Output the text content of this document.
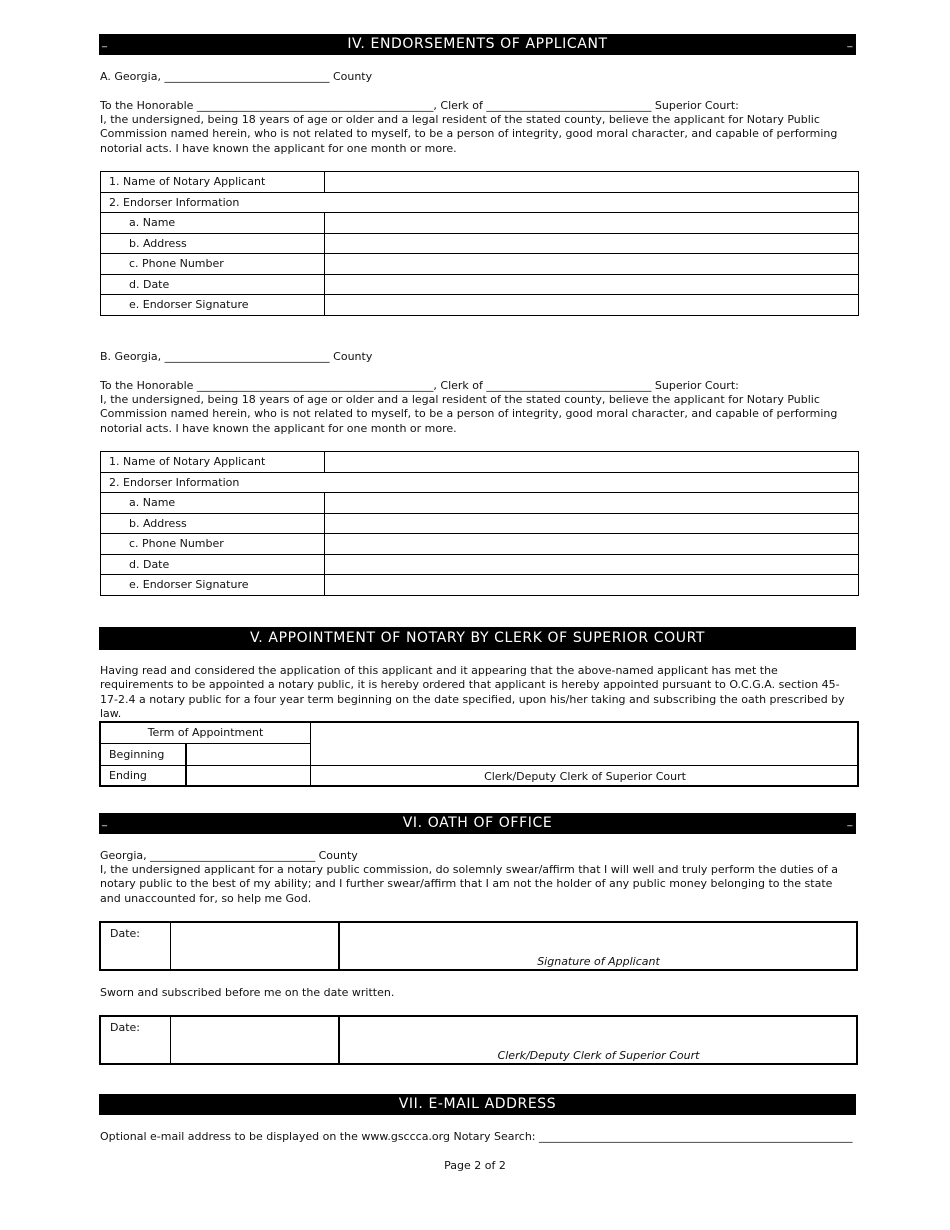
_	IV. ENDORSEMENTS OF APPLICANT	_
A. Georgia, ______________________________ County
To the Honorable ___________________________________________, Clerk of ______________________________ Superior Court:
I, the undersigned, being 18 years of age or older and a legal resident of the stated county, believe the applicant for Notary Public Commission named herein, who is not related to myself, to be a person of integrity, good moral character, and capable of performing notorial acts. I have known the applicant for one month or more.
1. Name of Notary Applicant	
2. Endorser Information	
a. Name	
b. Address	
c. Phone Number	
d. Date	
e. Endorser Signature	
B. Georgia, ______________________________ County
To the Honorable ___________________________________________, Clerk of ______________________________ Superior Court:
I, the undersigned, being 18 years of age or older and a legal resident of the stated county, believe the applicant for Notary Public Commission named herein, who is not related to myself, to be a person of integrity, good moral character, and capable of performing notorial acts. I have known the applicant for one month or more.
1. Name of Notary Applicant	
2. Endorser Information	
a. Name	
b. Address	
c. Phone Number	
d. Date	
e. Endorser Signature	
V. APPOINTMENT OF NOTARY BY CLERK OF SUPERIOR COURT
Having read and considered the application of this applicant and it appearing that the above-named applicant has met the requirements to be appointed a notary public, it is hereby ordered that applicant is hereby appointed pursuant to O.C.G.A. section 45-17-2.4 a notary public for a four year term beginning on the date specified, upon his/her taking and subscribing the oath prescribed by law.
Term of Appointment
Beginning
Ending	Clerk/Deputy Clerk of Superior Court
_	VI. OATH OF OFFICE	_
Georgia, ______________________________ County
I, the undersigned applicant for a notary public commission, do solemnly swear/affirm that I will well and truly perform the duties of a notary public to the best of my ability; and I further swear/affirm that I am not the holder of any public money belonging to the state and unaccounted for, so help me God.
Date:
Signature of Applicant
Sworn and subscribed before me on the date written.
Date:
Clerk/Deputy Clerk of Superior Court
VII. E-MAIL ADDRESS
Optional e-mail address to be displayed on the www.gsccca.org Notary Search: _________________________________________________________
Page 2 of 2
